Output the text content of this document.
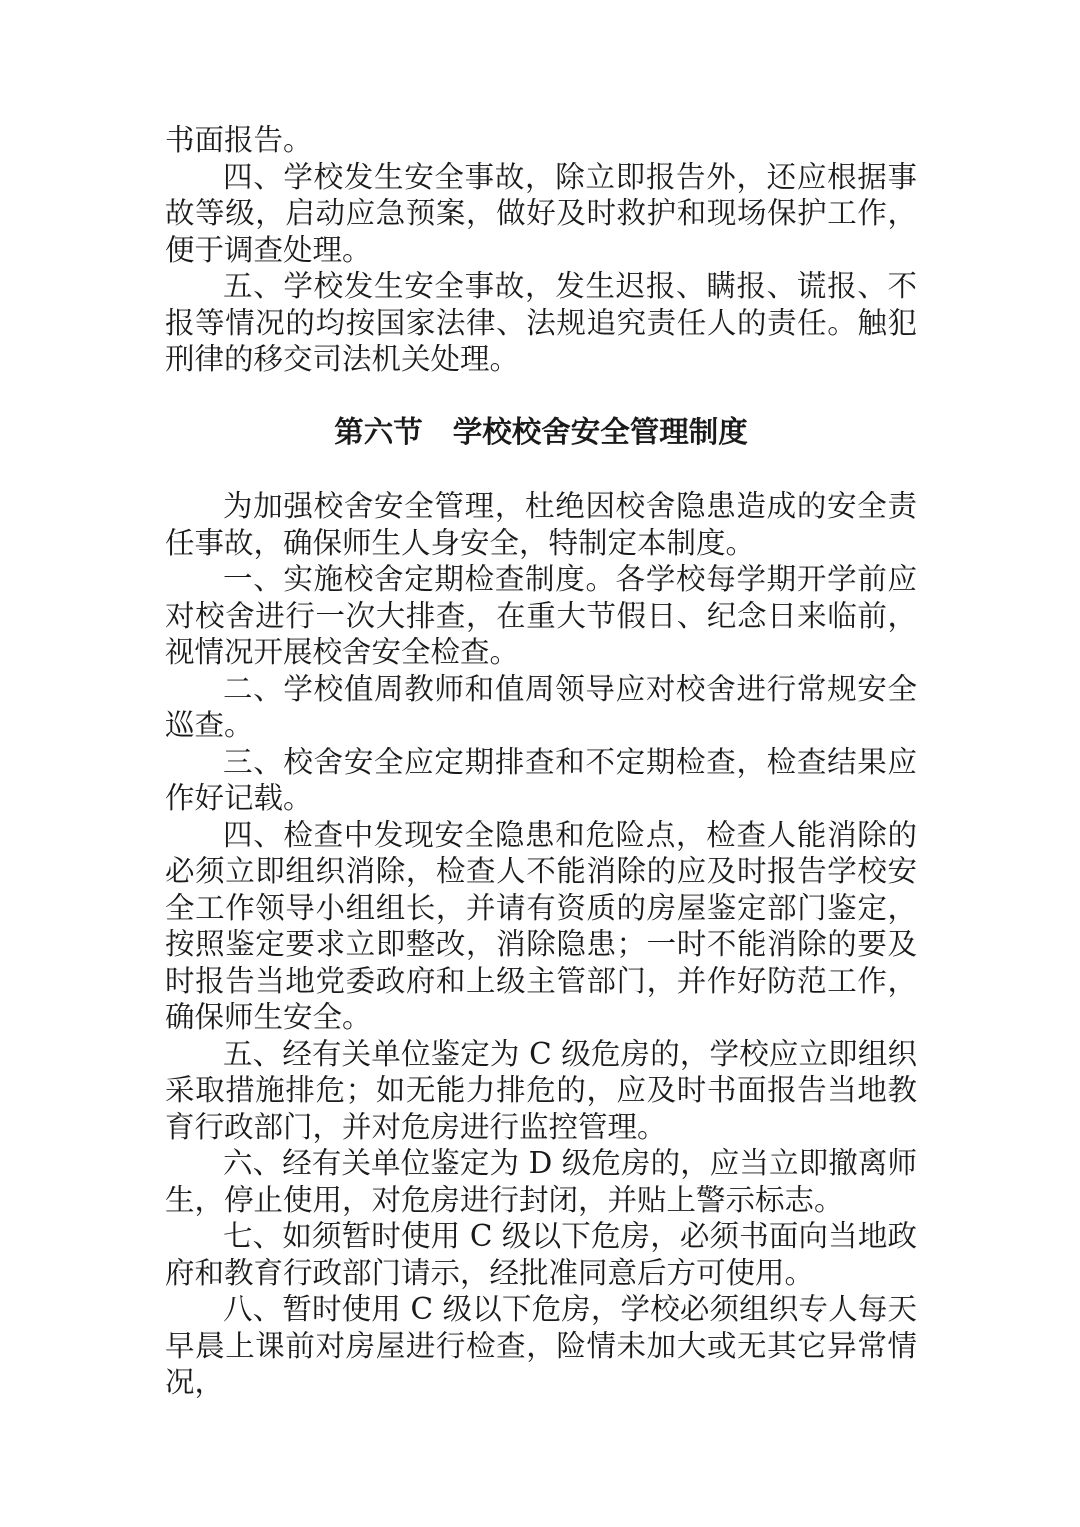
书面报告。

四、学校发生安全事故，除立即报告外，还应根据事故等级，启动应急预案，做好及时救护和现场保护工作，便于调查处理。

五、学校发生安全事故，发生迟报、瞒报、谎报、不报等情况的均按国家法律、法规追究责任人的责任。触犯刑律的移交司法机关处理。

第六节 学校校舍安全管理制度

为加强校舍安全管理，杜绝因校舍隐患造成的安全责任事故，确保师生人身安全，特制定本制度。

一、实施校舍定期检查制度。各学校每学期开学前应对校舍进行一次大排查，在重大节假日、纪念日来临前，视情况开展校舍安全检查。

二、学校值周教师和值周领导应对校舍进行常规安全巡查。

三、校舍安全应定期排查和不定期检查，检查结果应作好记载。

四、检查中发现安全隐患和危险点，检查人能消除的必须立即组织消除，检查人不能消除的应及时报告学校安全工作领导小组组长，并请有资质的房屋鉴定部门鉴定，按照鉴定要求立即整改，消除隐患；一时不能消除的要及时报告当地党委政府和上级主管部门，并作好防范工作，确保师生安全。

五、经有关单位鉴定为 C 级危房的，学校应立即组织采取措施排危；如无能力排危的，应及时书面报告当地教育行政部门，并对危房进行监控管理。

六、经有关单位鉴定为 D 级危房的，应当立即撤离师生，停止使用，对危房进行封闭，并贴上警示标志。

七、如须暂时使用 C 级以下危房，必须书面向当地政府和教育行政部门请示，经批准同意后方可使用。

八、暂时使用 C 级以下危房，学校必须组织专人每天早晨上课前对房屋进行检查，险情未加大或无其它异常情况，
